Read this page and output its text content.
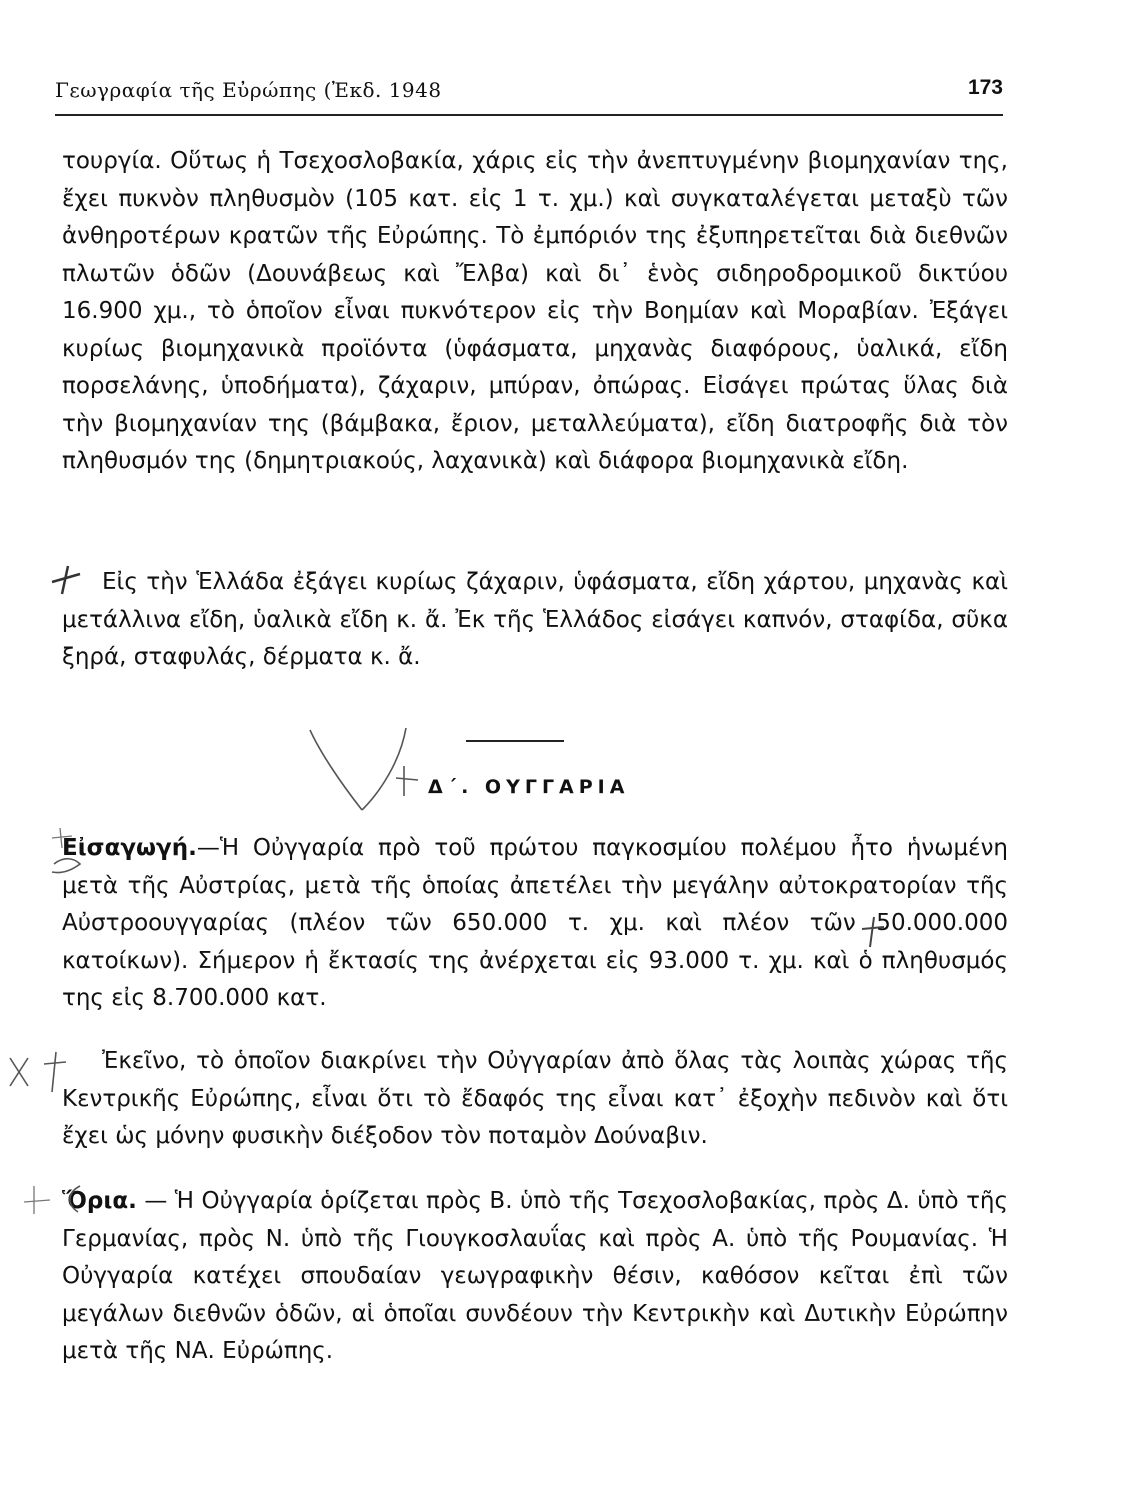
Γεωγραφία τῆς Εὐρώπης (Ἐκδ. 1948	173
τουργία. Οὕτως ἡ Τσεχοσλοβακία, χάρις εἰς τὴν ἀνεπτυγμένην βιομηχανίαν της, ἔχει πυκνὸν πληθυσμὸν (105 κατ. εἰς 1 τ. χμ.) καὶ συγκαταλέγεται μεταξὺ τῶν ἀνθηροτέρων κρατῶν τῆς Εὐρώπης. Τὸ ἐμπόριόν της ἐξυπηρετεῖται διὰ διεθνῶν πλωτῶν ὁδῶν (Δουνάβεως καὶ Ἔλβα) καὶ δι᾽ ἑνὸς σιδηροδρομικοῦ δικτύου 16.900 χμ., τὸ ὁποῖον εἶναι πυκνότερον εἰς τὴν Βοημίαν καὶ Μοραβίαν. Ἐξάγει κυρίως βιομηχανικὰ προϊόντα (ὑφάσματα, μηχανὰς διαφόρους, ὑαλικά, εἴδη πορσελάνης, ὑποδήματα), ζάχαριν, μπύραν, ὀπώρας. Εἰσάγει πρώτας ὕλας διὰ τὴν βιομηχανίαν της (βάμβακα, ἔριον, μεταλλεύματα), εἴδη διατροφῆς διὰ τὸν πληθυσμόν της (δημητριακούς, λαχανικὰ) καὶ διάφορα βιομηχανικὰ εἴδη.
Εἰς τὴν Ἑλλάδα ἐξάγει κυρίως ζάχαριν, ὑφάσματα, εἴδη χάρτου, μηχανὰς καὶ μετάλλινα εἴδη, ὑαλικὰ εἴδη κ. ἄ. Ἐκ τῆς Ἑλλάδος εἰσάγει καπνόν, σταφίδα, σῦκα ξηρά, σταφυλάς, δέρματα κ. ἄ.
Δ΄. ΟΥΓΓΑΡΙΑ
Εἰσαγωγή.—Ἡ Οὐγγαρία πρὸ τοῦ πρώτου παγκοσμίου πολέμου ἦτο ἡνωμένη μετὰ τῆς Αὐστρίας, μετὰ τῆς ὁποίας ἀπετέλει τὴν μεγάλην αὐτοκρατορίαν τῆς Αὐστροουγγαρίας (πλέον τῶν 650.000 τ. χμ. καὶ πλέον τῶν 50.000.000 κατοίκων). Σήμερον ἡ ἔκτασίς της ἀνέρχεται εἰς 93.000 τ. χμ. καὶ ὁ πληθυσμός της εἰς 8.700.000 κατ.
Ἐκεῖνο, τὸ ὁποῖον διακρίνει τὴν Οὐγγαρίαν ἀπὸ ὅλας τὰς λοιπὰς χώρας τῆς Κεντρικῆς Εὐρώπης, εἶναι ὅτι τὸ ἔδαφός της εἶναι κατ᾽ ἐξοχὴν πεδινὸν καὶ ὅτι ἔχει ὡς μόνην φυσικὴν διέξοδον τὸν ποταμὸν Δούναβιν.
Ὅρια. — Ἡ Οὐγγαρία ὁρίζεται πρὸς Β. ὑπὸ τῆς Τσεχοσλοβακίας, πρὸς Δ. ὑπὸ τῆς Γερμανίας, πρὸς Ν. ὑπὸ τῆς Γιουγκοσλαυΐας καὶ πρὸς Α. ὑπὸ τῆς Ρουμανίας. Ἡ Οὐγγαρία κατέχει σπουδαίαν γεωγραφικὴν θέσιν, καθόσον κεῖται ἐπὶ τῶν μεγάλων διεθνῶν ὁδῶν, αἱ ὁποῖαι συνδέουν τὴν Κεντρικὴν καὶ Δυτικὴν Εὐρώπην μετὰ τῆς ΝΑ. Εὐρώπης.
